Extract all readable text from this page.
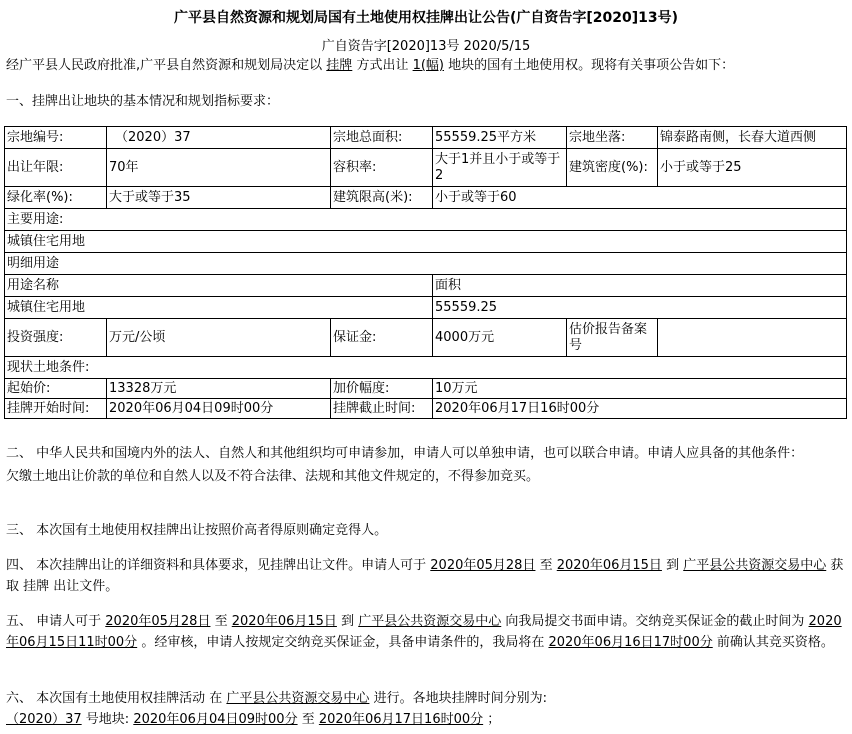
广平县自然资源和规划局国有土地使用权挂牌出让公告(广自资告字[2020]13号)
广自资告字[2020]13号 2020/5/15
经广平县人民政府批准,广平县自然资源和规划局决定以 挂牌 方式出让 1(幅) 地块的国有土地使用权。现将有关事项公告如下：
一、挂牌出让地块的基本情况和规划指标要求：
宗地编号:	（2020）37	宗地总面积:	55559.25平方米	宗地坐落:	锦泰路南侧，长春大道西侧
出让年限:	70年	容积率:	大于1并且小于或等于2	建筑密度(%):	小于或等于25
绿化率(%):	大于或等于35	建筑限高(米):	小于或等于60		
主要用途:					
城镇住宅用地					
明细用途					
用途名称			面积		
城镇住宅用地			55559.25		
投资强度:	万元/公顷	保证金:	4000万元	估价报告备案号	
现状土地条件:					
起始价:	13328万元	加价幅度:	10万元		
挂牌开始时间:	2020年06月04日09时00分	挂牌截止时间:	2020年06月17日16时00分		
二、 中华人民共和国境内外的法人、自然人和其他组织均可申请参加，申请人可以单独申请，也可以联合申请。申请人应具备的其他条件：
欠缴土地出让价款的单位和自然人以及不符合法律、法规和其他文件规定的，不得参加竞买。
三、 本次国有土地使用权挂牌出让按照价高者得原则确定竞得人。
四、 本次挂牌出让的详细资料和具体要求，见挂牌出让文件。申请人可于 2020年05月28日 至 2020年06月15日 到 广平县公共资源交易中心 获取 挂牌 出让文件。
五、 申请人可于 2020年05月28日 至 2020年06月15日 到 广平县公共资源交易中心 向我局提交书面申请。交纳竞买保证金的截止时间为 2020年06月15日11时00分 。经审核，申请人按规定交纳竞买保证金，具备申请条件的，我局将在 2020年06月16日17时00分 前确认其竞买资格。
六、 本次国有土地使用权挂牌活动 在 广平县公共资源交易中心 进行。各地块挂牌时间分别为:
（2020）37 号地块: 2020年06月04日09时00分 至 2020年06月17日16时00分 ；
